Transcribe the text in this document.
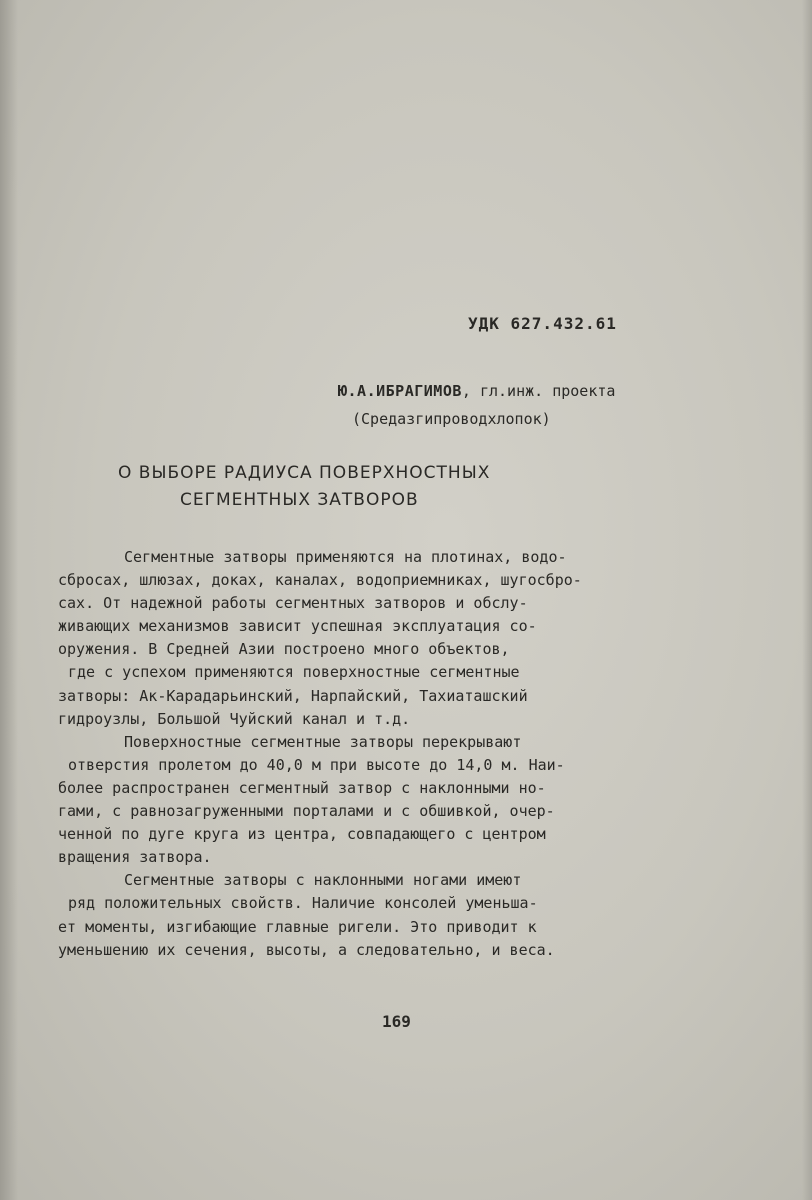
УДК 627.432.61
Ю.А.ИБРАГИМОВ, гл.инж. проекта
(Средазгипроводхлопок)
О ВЫБОРЕ РАДИУСА ПОВЕРХНОСТНЫХ
СЕГМЕНТНЫХ ЗАТВОРОВ
Сегментные затворы применяются на плотинах, водо-
сбросах, шлюзах, доках, каналах, водоприемниках, шугосбро-
сах. От надежной работы сегментных затворов и обслу-
живающих механизмов зависит успешная эксплуатация со-
оружения. В Средней Азии построено много объектов,
где с успехом применяются поверхностные сегментные
затворы: Ак-Карадарьинский, Нарпайский, Тахиаташский
гидроузлы, Большой Чуйский канал и т.д.
Поверхностные сегментные затворы перекрывают
отверстия пролетом до 40,0 м при высоте до 14,0 м. Наи-
более распространен сегментный затвор с наклонными но-
гами, с равнозагруженными порталами и с обшивкой, очер-
ченной по дуге круга из центра, совпадающего с центром
вращения затвора.
Сегментные затворы с наклонными ногами имеют
ряд положительных свойств. Наличие консолей уменьша-
ет моменты, изгибающие главные ригели. Это приводит к
уменьшению их сечения, высоты, а следовательно, и веса.
169
